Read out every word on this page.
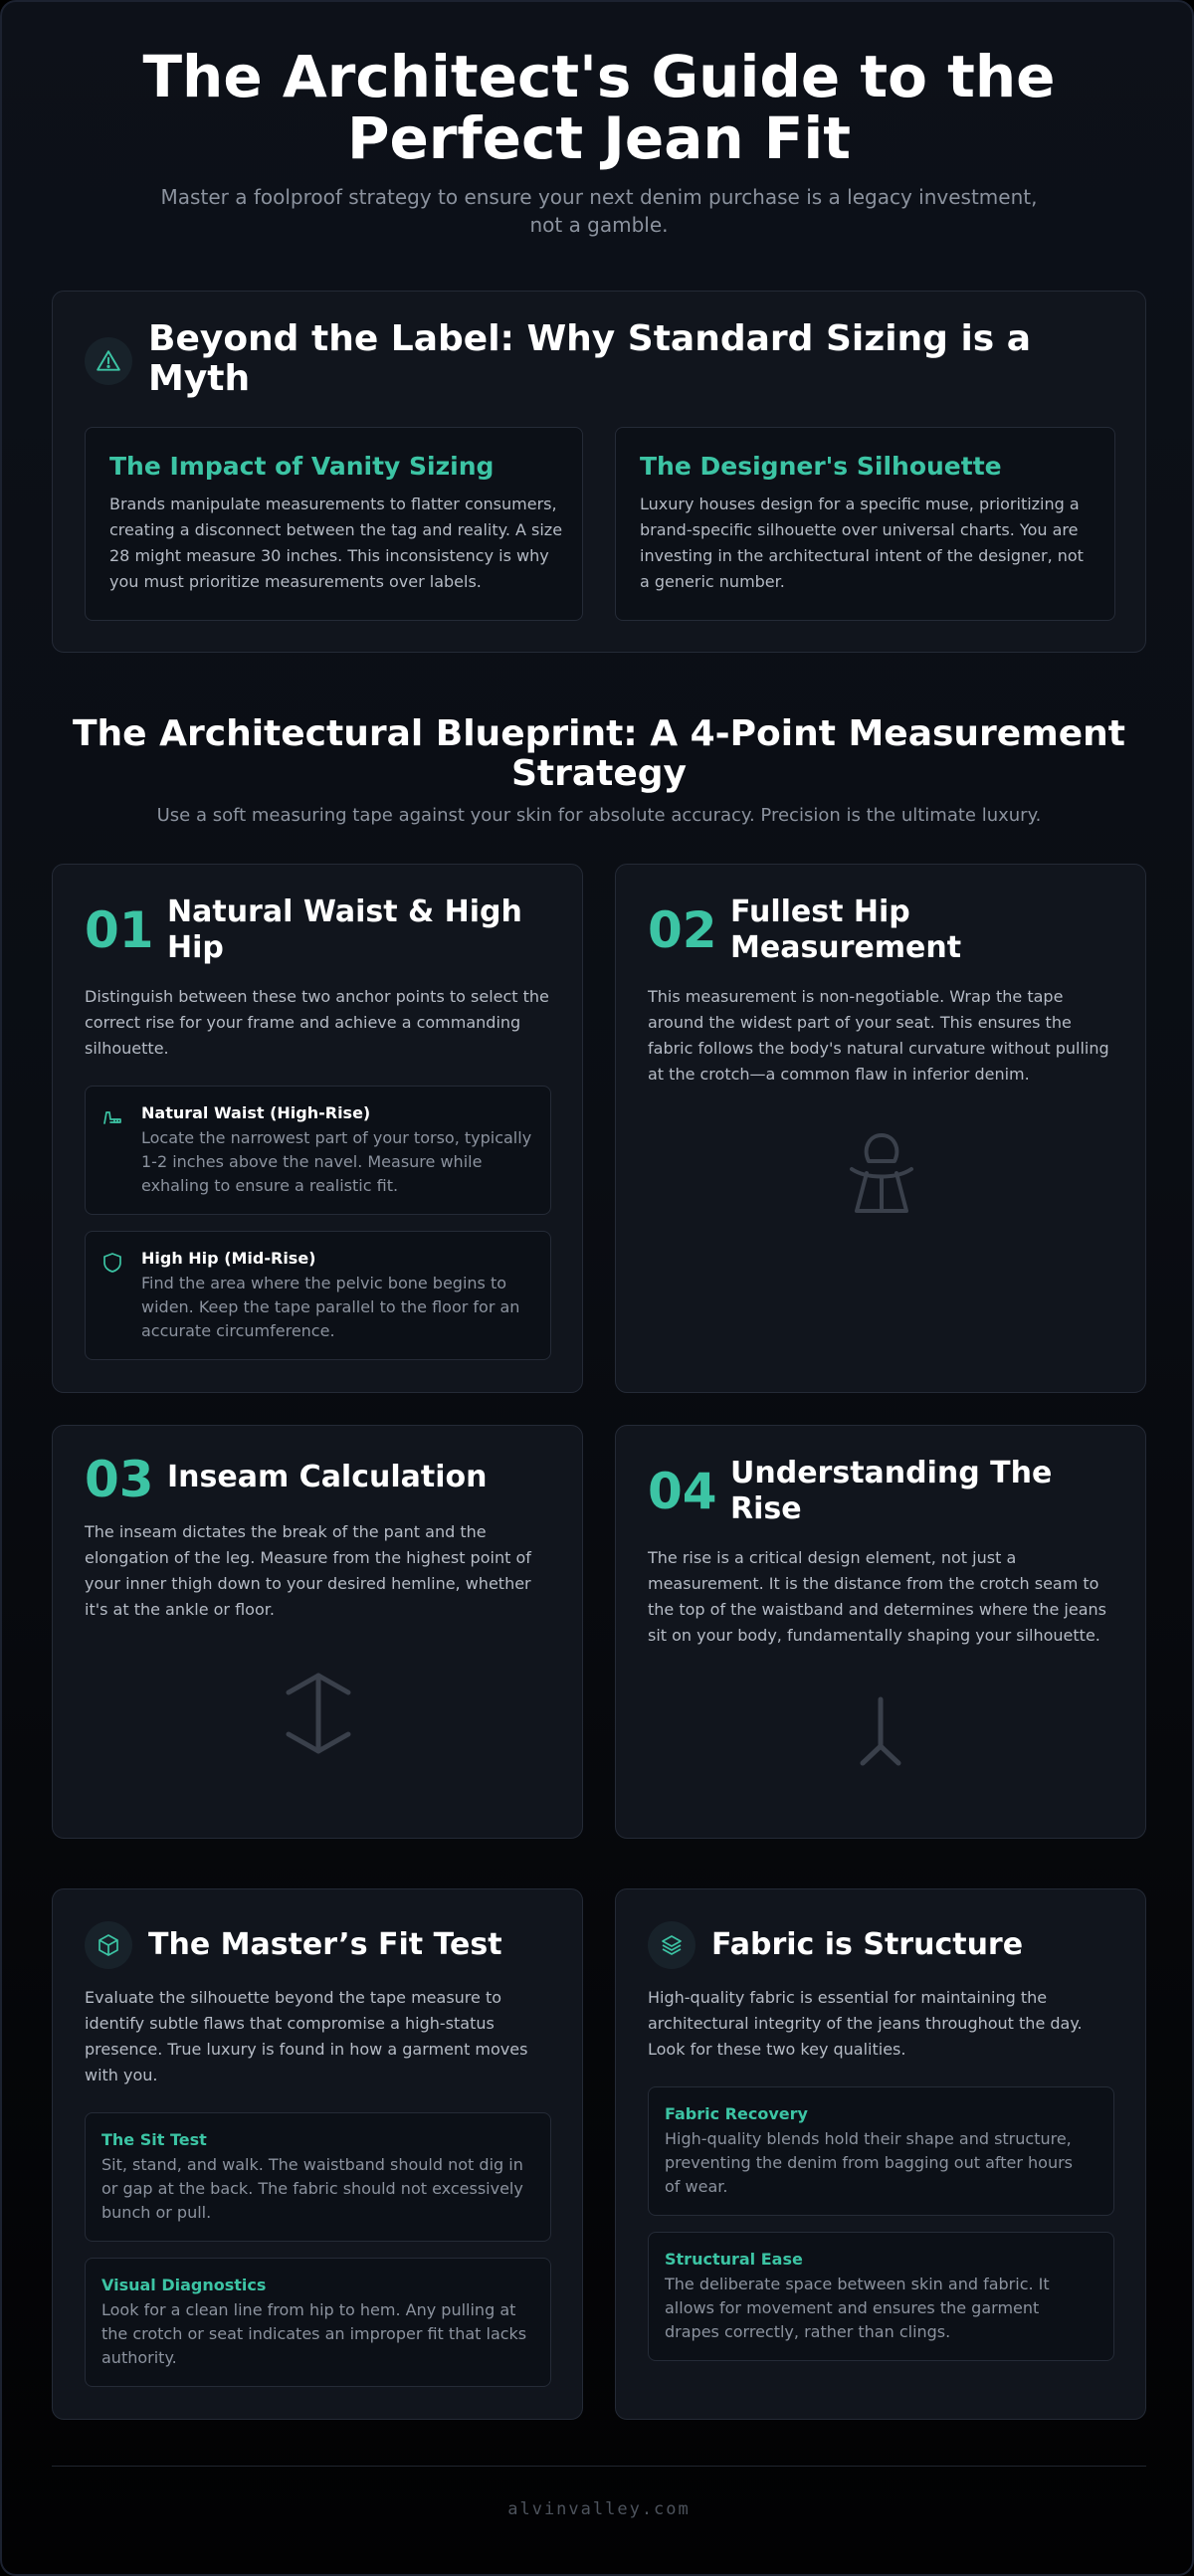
The Architect's Guide to the Perfect Jean Fit

Master a foolproof strategy to ensure your next denim purchase is a legacy investment, not a gamble.

Beyond the Label: Why Standard Sizing is a Myth
The Impact of Vanity Sizing
Brands manipulate measurements to flatter consumers, creating a disconnect between the tag and reality. A size 28 might measure 30 inches. This inconsistency is why you must prioritize measurements over labels.
The Designer's Silhouette
Luxury houses design for a specific muse, prioritizing a brand-specific silhouette over universal charts. You are investing in the architectural intent of the designer, not a generic number.
The Architectural Blueprint: A 4-Point Measurement Strategy
Use a soft measuring tape against your skin for absolute accuracy. Precision is the ultimate luxury.
01 Natural Waist & High Hip
Distinguish between these two anchor points to select the correct rise for your frame and achieve a commanding silhouette.
Natural Waist (High-Rise)
Locate the narrowest part of your torso, typically 1-2 inches above the navel. Measure while exhaling to ensure a realistic fit.
High Hip (Mid-Rise)
Find the area where the pelvic bone begins to widen. Keep the tape parallel to the floor for an accurate circumference.
02 Fullest Hip Measurement
This measurement is non-negotiable. Wrap the tape around the widest part of your seat. This ensures the fabric follows the body's natural curvature without pulling at the crotch—a common flaw in inferior denim.
03 Inseam Calculation
The inseam dictates the break of the pant and the elongation of the leg. Measure from the highest point of your inner thigh down to your desired hemline, whether it's at the ankle or floor.
04 Understanding The Rise
The rise is a critical design element, not just a measurement. It is the distance from the crotch seam to the top of the waistband and determines where the jeans sit on your body, fundamentally shaping your silhouette.
The Master’s Fit Test
Evaluate the silhouette beyond the tape measure to identify subtle flaws that compromise a high-status presence. True luxury is found in how a garment moves with you.
The Sit Test
Sit, stand, and walk. The waistband should not dig in or gap at the back. The fabric should not excessively bunch or pull.
Visual Diagnostics
Look for a clean line from hip to hem. Any pulling at the crotch or seat indicates an improper fit that lacks authority.
Fabric is Structure
High-quality fabric is essential for maintaining the architectural integrity of the jeans throughout the day. Look for these two key qualities.
Fabric Recovery
High-quality blends hold their shape and structure, preventing the denim from bagging out after hours of wear.
Structural Ease
The deliberate space between skin and fabric. It allows for movement and ensures the garment drapes correctly, rather than clings.
alvinvalley.com
